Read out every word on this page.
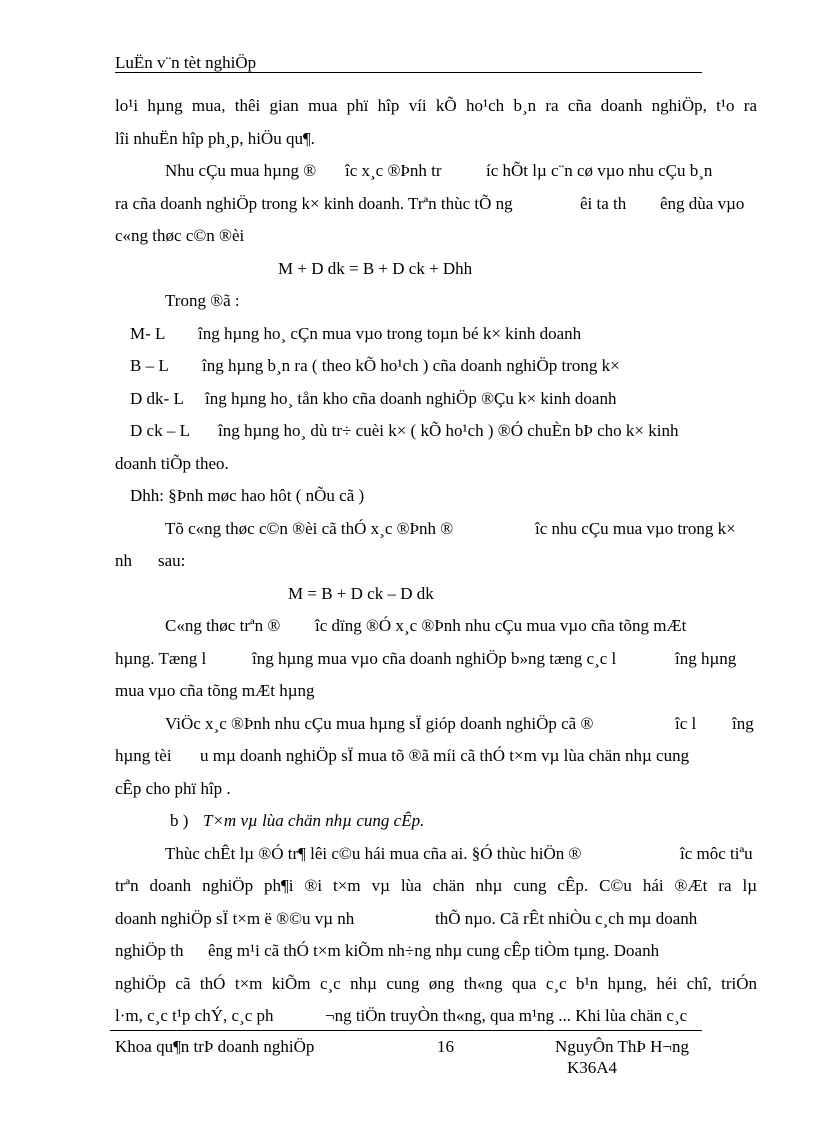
LuËn v¨n tèt nghiÖp
lo¹i hµng mua, thêi gian mua phï hîp víi kÕ ho¹ch b¸n ra cña doanh nghiÖp, t¹o ra
lîi nhuËn hîp ph¸p, hiÖu qu¶.
Nhu cÇu mua hµng ® îc x¸c ®Þnh tr	íc hÕt lµ c¨n cø vµo nhu cÇu b¸n
ra cña doanh nghiÖp trong k× kinh doanh. Trªn thùc tÕ ng	êi ta th êng dùa vµo
c«ng thøc c©n ®èi
M + D dk = B + D ck + Dhh
Trong ®ã :
M- L îng hµng ho¸ cÇn mua vµo trong toµn bé k× kinh doanh
B – L îng hµng b¸n ra ( theo kÕ ho¹ch ) cña doanh nghiÖp trong k×
D dk- L îng hµng ho¸ tån kho cña doanh nghiÖp ®Çu k× kinh doanh
D ck – L îng hµng ho¸ dù tr÷ cuèi k× ( kÕ ho¹ch ) ®Ó chuÈn bÞ cho k× kinh
doanh tiÕp theo.
Dhh: §Þnh møc hao hôt ( nÕu cã )
Tõ c«ng thøc c©n ®èi cã thÓ x¸c ®Þnh ®	îc nhu cÇu mua vµo trong k×
nh sau:
M = B + D ck – D dk
C«ng thøc trªn ® îc dïng ®Ó x¸c ®Þnh nhu cÇu mua vµo cña tõng mÆt
hµng. Tæng l	îng hµng mua vµo cña doanh nghiÖp b»ng tæng c¸c l	îng hµng
mua vµo cña tõng mÆt hµng
ViÖc x¸c ®Þnh nhu cÇu mua hµng sÏ gióp doanh nghiÖp cã ®	îc l îng
hµng tèi u mµ doanh nghiÖp sÏ mua tõ ®ã míi cã thÓ t×m vµ lùa chän nhµ cung
cÊp cho phï hîp .
b ) T×m vµ lùa chän nhµ cung cÊp.
Thùc chÊt lµ ®Ó tr¶ lêi c©u hái mua cña ai. §Ó thùc hiÖn ®	îc môc tiªu
trªn doanh nghiÖp ph¶i ®i t×m vµ lùa chän nhµ cung cÊp. C©u hái ®Æt ra lµ
doanh nghiÖp sÏ t×m ë ®©u vµ nh	thÕ nµo. Cã rÊt nhiÒu c¸ch mµ doanh
nghiÖp th êng m¹i cã thÓ t×m kiÕm nh÷ng nhµ cung cÊp tiÒm tµng. Doanh
nghiÖp cã thÓ t×m kiÕm c¸c nhµ cung øng th«ng qua c¸c b¹n hµng, héi chî, triÓn
l·m, c¸c t¹p chÝ, c¸c ph	¬ng tiÖn truyÒn th«ng, qua m¹ng ... Khi lùa chän c¸c
Khoa qu¶n trÞ doanh nghiÖp	16	NguyÔn ThÞ H¬ng
K36A4
